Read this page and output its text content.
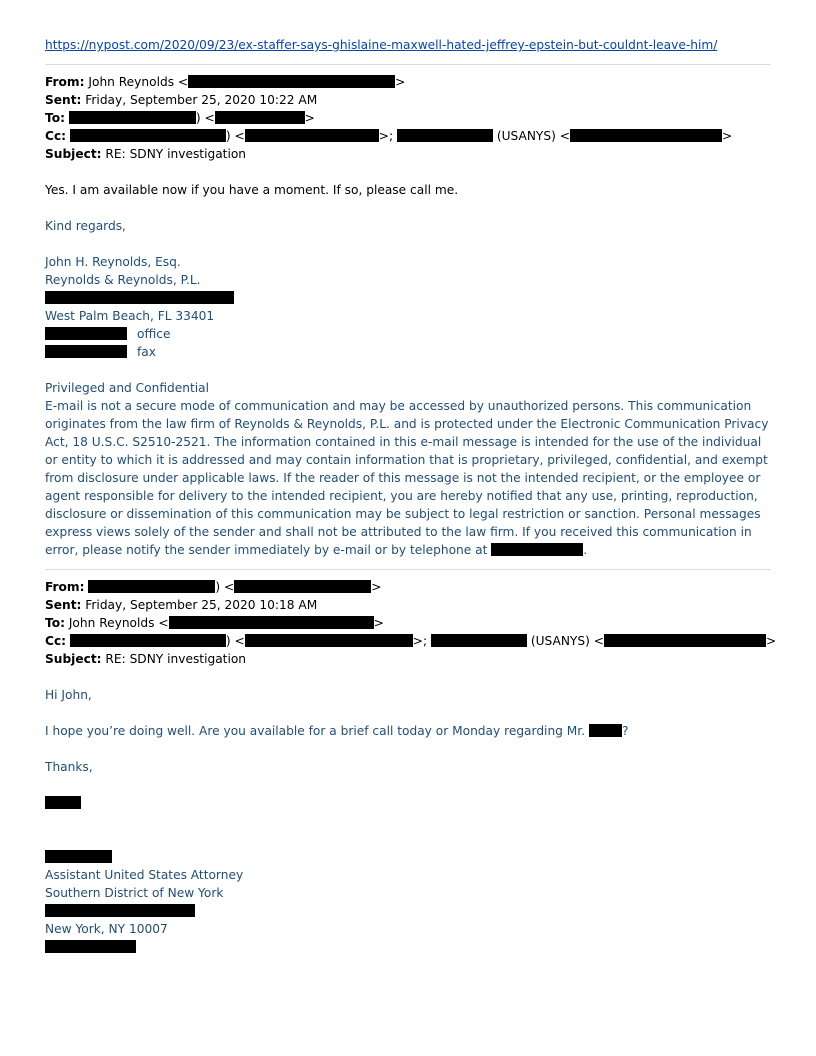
https://nypost.com/2020/09/23/ex-staffer-says-ghislaine-maxwell-hated-jeffrey-epstein-but-couldnt-leave-him/
From: John Reynolds <	>
Sent: Friday, September 25, 2020 10:22 AM
To:	) <	>
Cc:	) <	>;	(USANYS) <	>
Subject: RE: SDNY investigation
Yes. I am available now if you have a moment. If so, please call me.
Kind regards,
John H. Reynolds, Esq.
Reynolds & Reynolds, P.L.
West Palm Beach, FL 33401
office
fax
Privileged and Confidential
E-mail is not a secure mode of communication and may be accessed by unauthorized persons. This communication originates from the law firm of Reynolds & Reynolds, P.L. and is protected under the Electronic Communication Privacy Act, 18 U.S.C. S2510-2521. The information contained in this e-mail message is intended for the use of the individual or entity to which it is addressed and may contain information that is proprietary, privileged, confidential, and exempt from disclosure under applicable laws. If the reader of this message is not the intended recipient, or the employee or agent responsible for delivery to the intended recipient, you are hereby notified that any use, printing, reproduction, disclosure or dissemination of this communication may be subject to legal restriction or sanction. Personal messages express views solely of the sender and shall not be attributed to the law firm. If you received this communication in error, please notify the sender immediately by e-mail or by telephone at	.
From:	) <	>
Sent: Friday, September 25, 2020 10:18 AM
To: John Reynolds <	>
Cc:	) <	>;	(USANYS) <	>
Subject: RE: SDNY investigation
Hi John,
I hope you’re doing well. Are you available for a brief call today or Monday regarding Mr.	?
Thanks,
Assistant United States Attorney
Southern District of New York
New York, NY 10007
